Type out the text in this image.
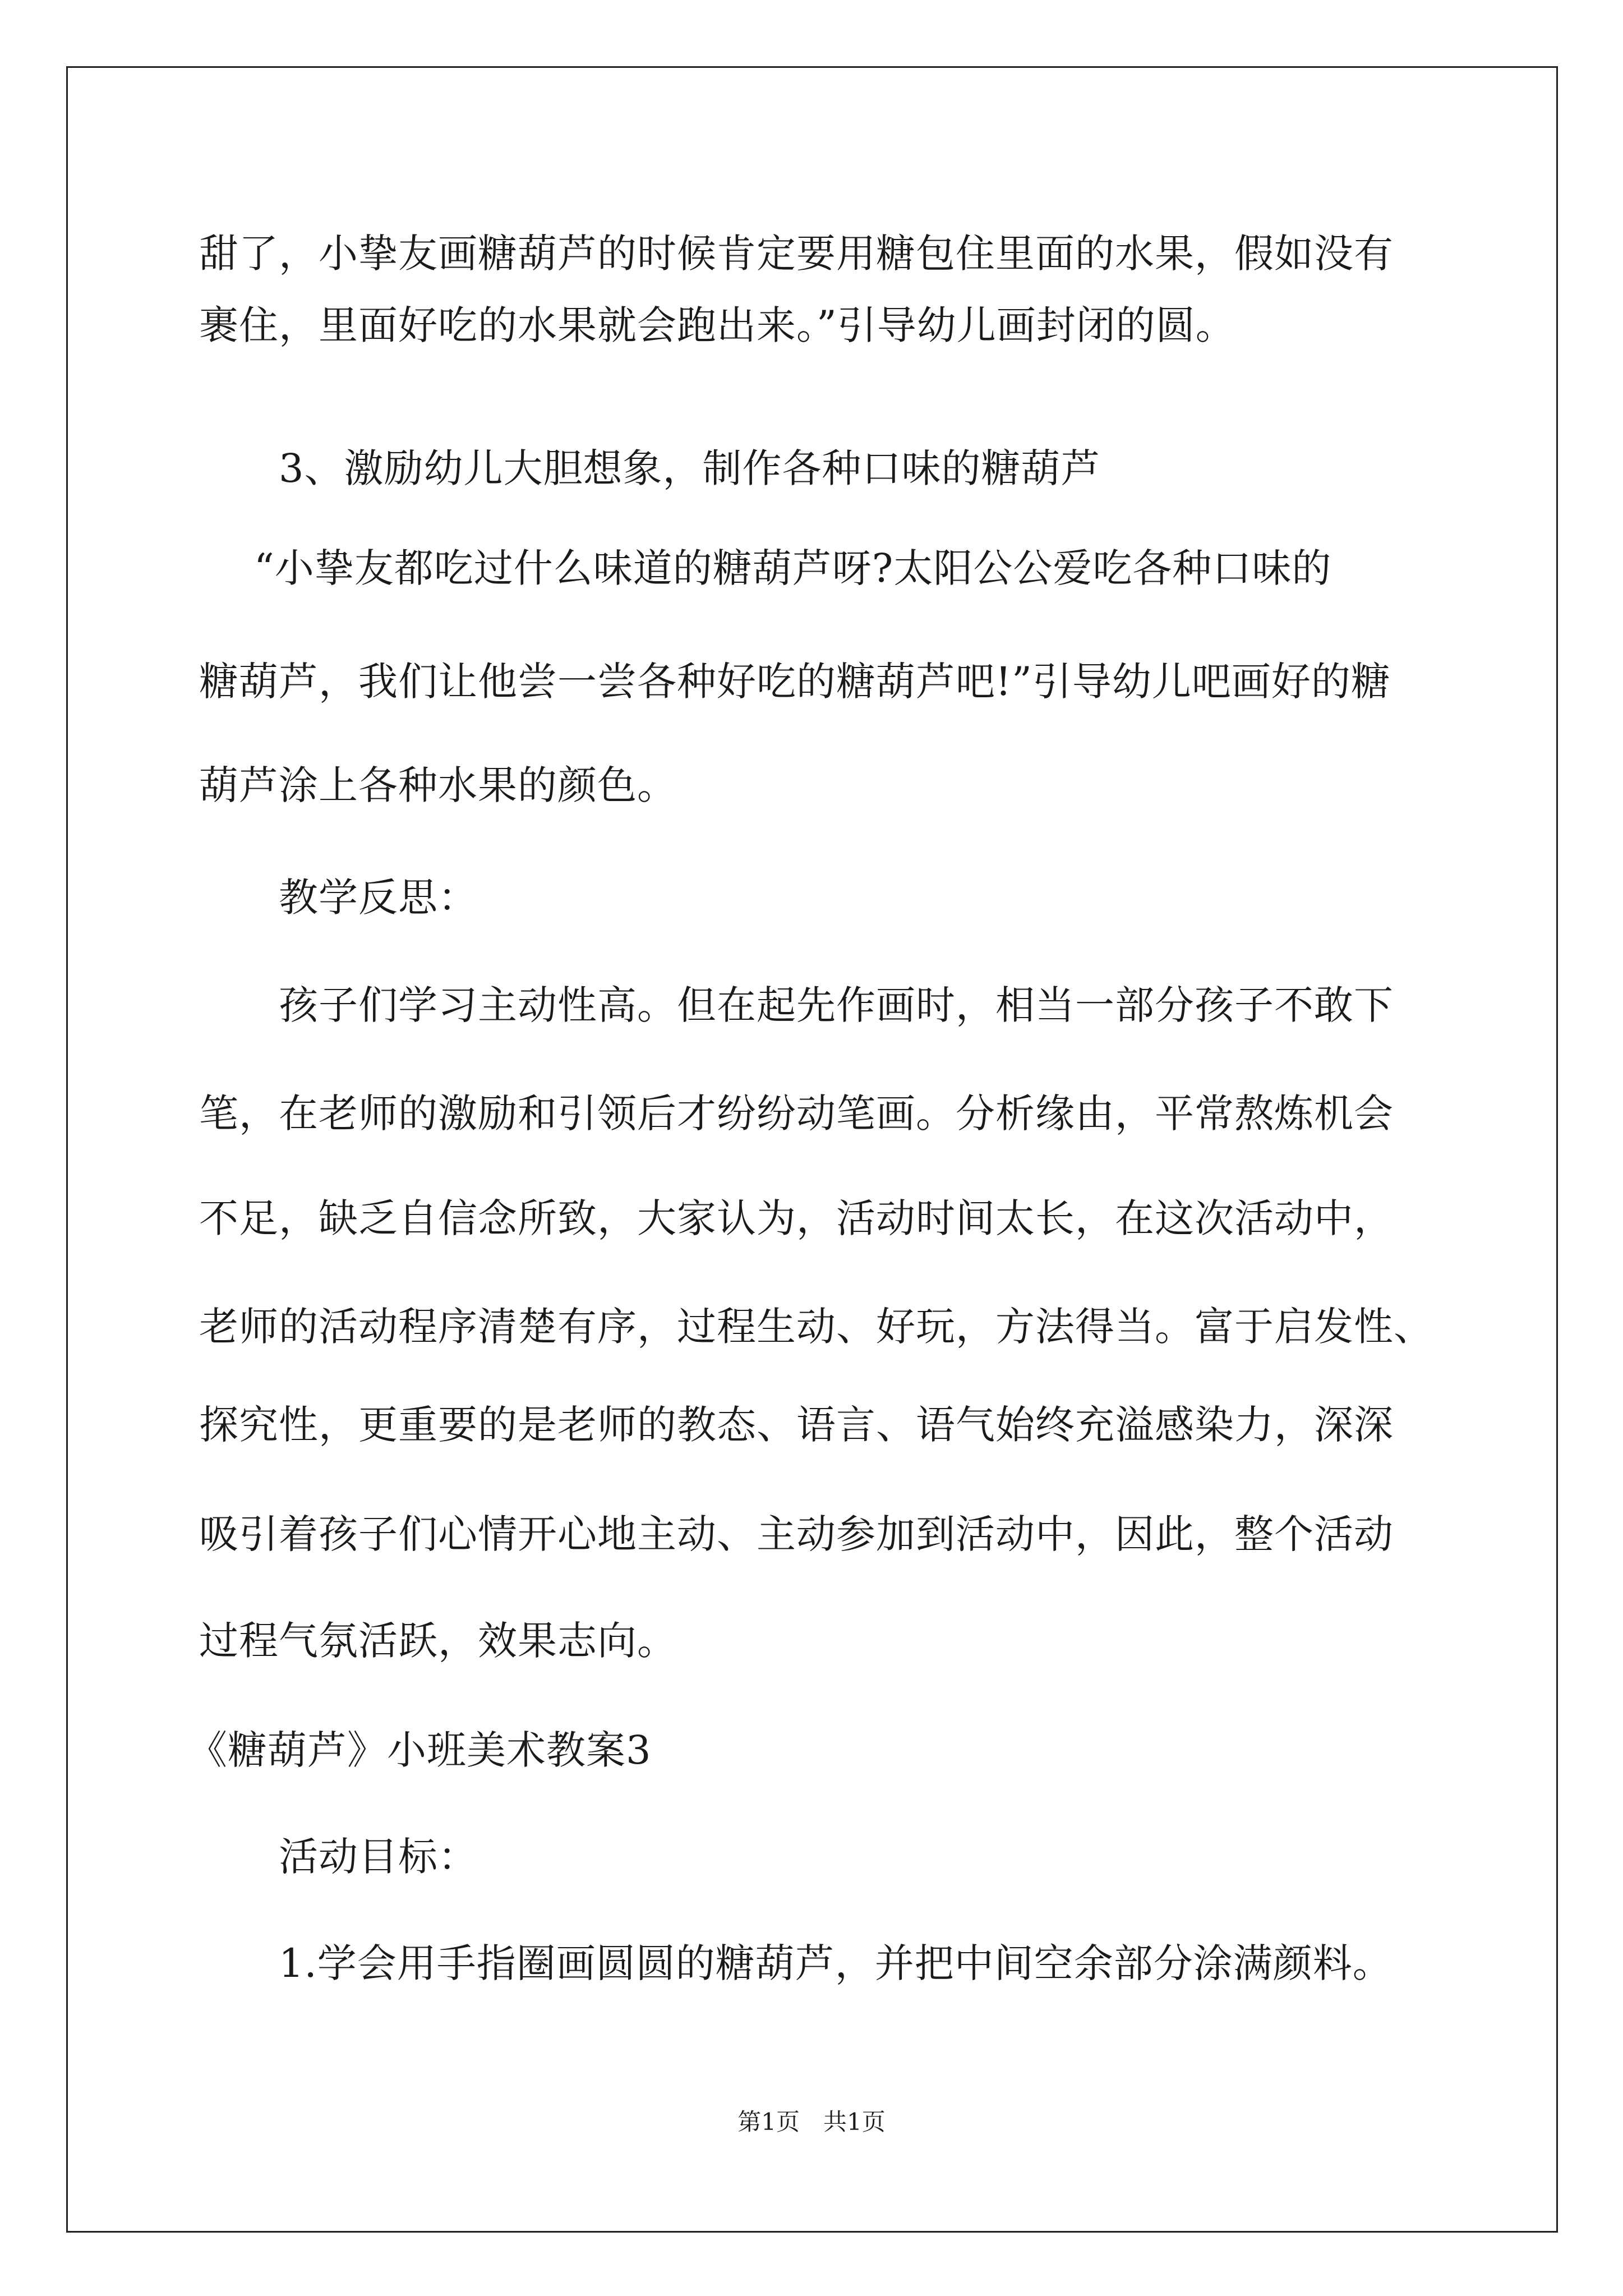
甜了，小挚友画糖葫芦的时候肯定要用糖包住里面的水果，假如没有

裹住，里面好吃的水果就会跑出来。”引导幼儿画封闭的圆。

3、激励幼儿大胆想象，制作各种口味的糖葫芦

“小挚友都吃过什么味道的糖葫芦呀?太阳公公爱吃各种口味的

糖葫芦，我们让他尝一尝各种好吃的糖葫芦吧!”引导幼儿吧画好的糖

葫芦涂上各种水果的颜色。

教学反思：

孩子们学习主动性高。但在起先作画时，相当一部分孩子不敢下

笔，在老师的激励和引领后才纷纷动笔画。分析缘由，平常熬炼机会

不足，缺乏自信念所致，大家认为，活动时间太长，在这次活动中，

老师的活动程序清楚有序，过程生动、好玩，方法得当。富于启发性、

探究性，更重要的是老师的教态、语言、语气始终充溢感染力，深深

吸引着孩子们心情开心地主动、主动参加到活动中，因此，整个活动

过程气氛活跃，效果志向。

《糖葫芦》小班美术教案3

活动目标：

1.学会用手指圈画圆圆的糖葫芦，并把中间空余部分涂满颜料。

第1页　共1页
